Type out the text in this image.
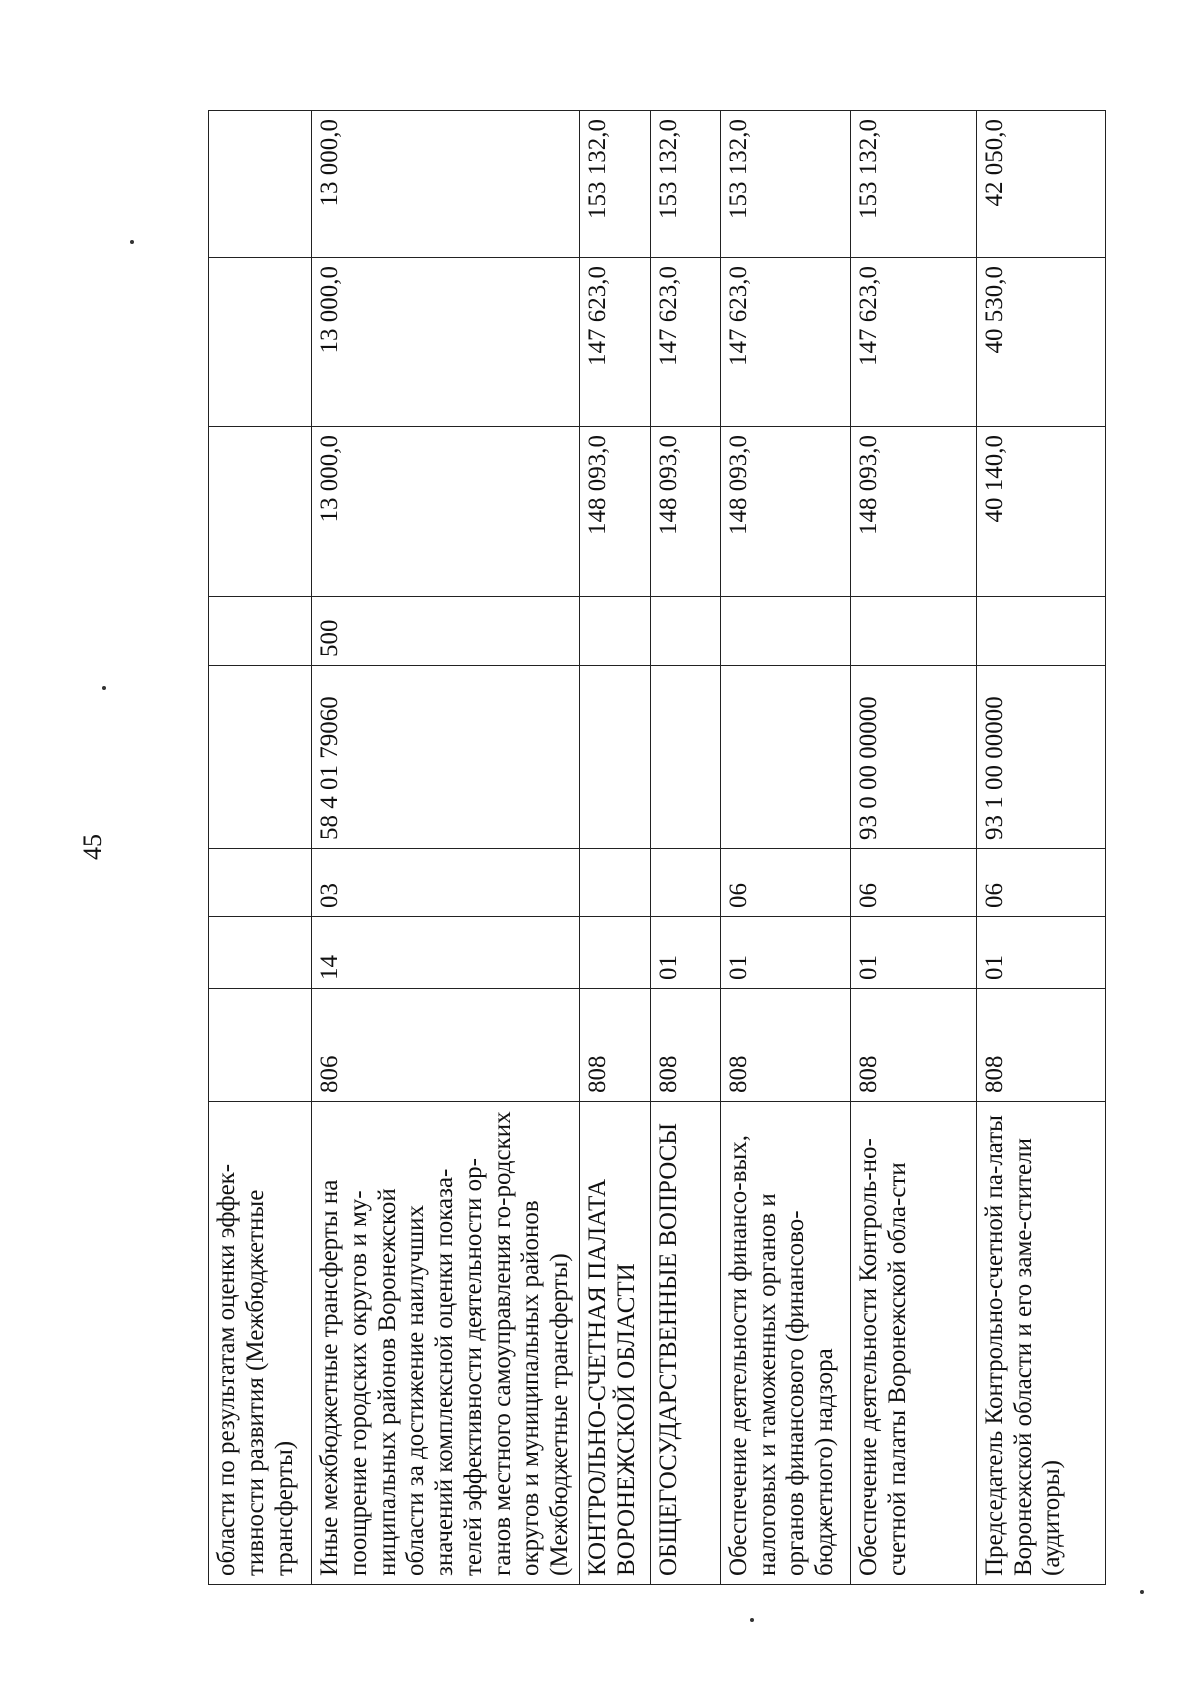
45
области по результатам оценки эффек-тивности развития (Межбюджетные трансферты)								
Иные межбюджетные трансферты на поощрение городских округов и му-ниципальных районов Воронежской области за достижение наилучших значений комплексной оценки показа-телей эффективности деятельности ор-ганов местного самоуправления го-родских округов и муниципальных районов (Межбюджетные трансферты)	806	14	03	58 4 01 79060	500	13 000,0	13 000,0	13 000,0
КОНТРОЛЬНО-СЧЕТНАЯ ПАЛАТА ВОРОНЕЖСКОЙ ОБЛАСТИ	808					148 093,0	147 623,0	153 132,0
ОБЩЕГОСУДАРСТВЕННЫЕ ВОПРОСЫ	808	01				148 093,0	147 623,0	153 132,0
Обеспечение деятельности финансо-вых, налоговых и таможенных органов и органов финансового (финансово-бюджетного) надзора	808	01	06			148 093,0	147 623,0	153 132,0
Обеспечение деятельности Контроль-но-счетной палаты Воронежской обла-сти	808	01	06	93 0 00 00000		148 093,0	147 623,0	153 132,0
Председатель Контрольно-счетной па-латы Воронежской области и его заме-стители (аудиторы)	808	01	06	93 1 00 00000		40 140,0	40 530,0	42 050,0
